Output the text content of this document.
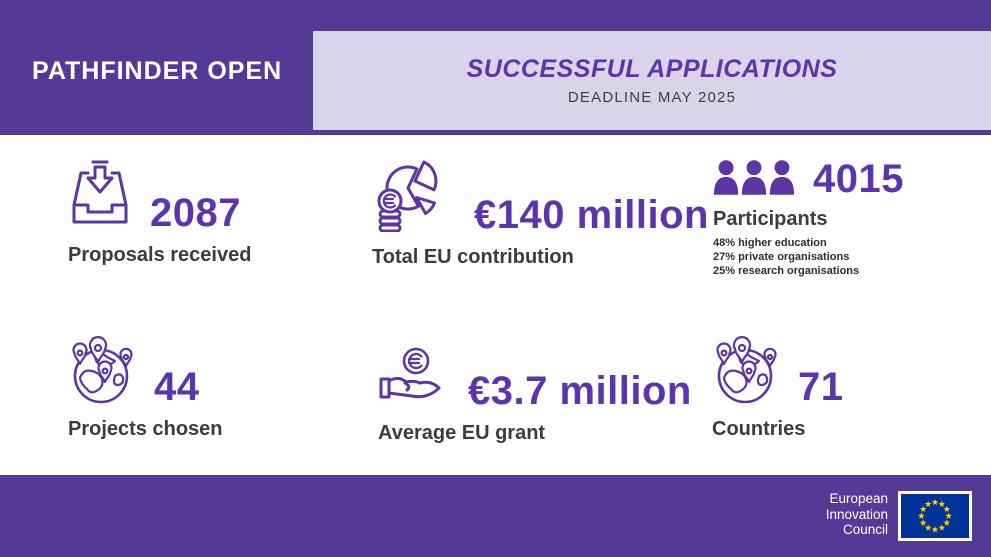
PATHFINDER OPEN	SUCCESSFUL APPLICATIONS
DEADLINE MAY 2025
2087
Proposals received
€140 million
Total EU contribution
4015
Participants
48% higher education
27% private organisations
25% research organisations
44
Projects chosen
€3.7 million
Average EU grant
71
Countries
European
Innovation
Council
